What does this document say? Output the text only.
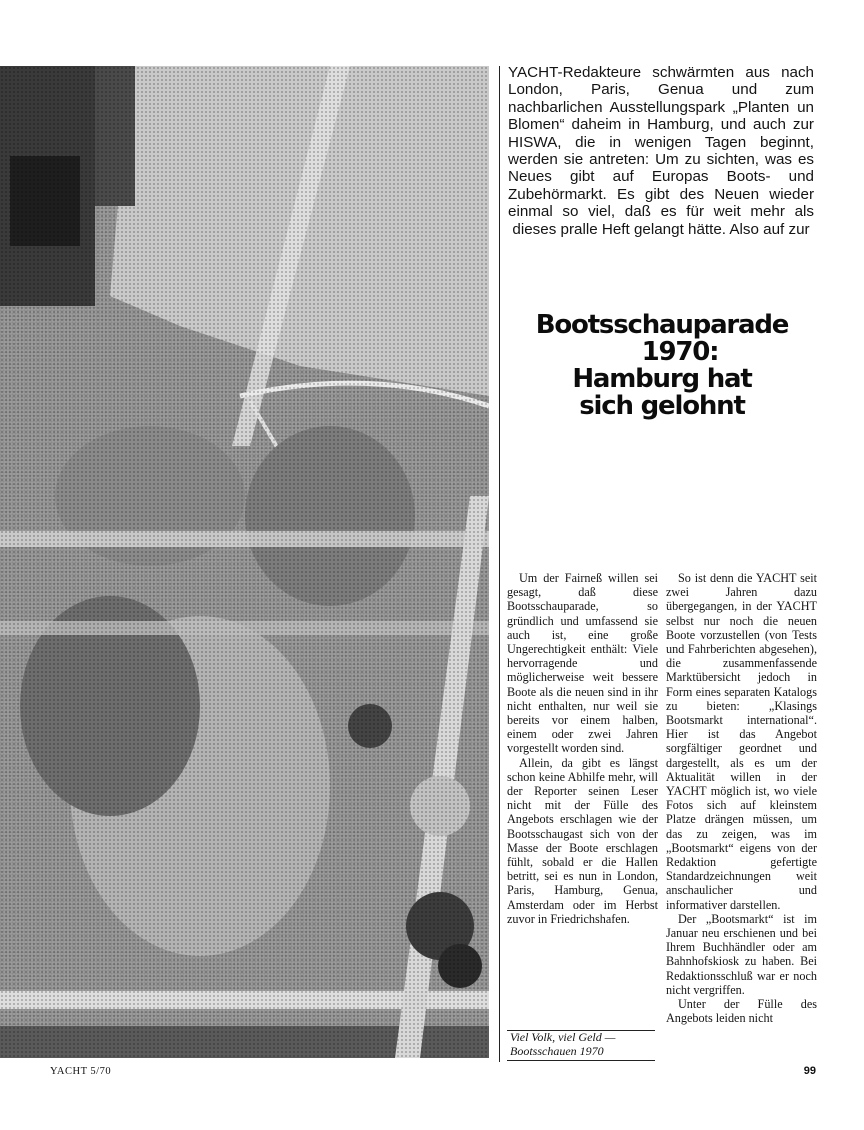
YACHT-Redakteure schwärmten aus nach London, Paris, Genua und zum nachbarlichen Ausstellungspark „Planten un Blomen“ daheim in Hamburg, und auch zur HISWA, die in wenigen Tagen beginnt, werden sie antreten: Um zu sichten, was es Neues gibt auf Europas Boots- und Zubehörmarkt. Es gibt des Neuen wieder einmal so viel, daß es für weit mehr als dieses pralle Heft gelangt hätte. Also auf zur

Bootsschauparade
1970:
Hamburg hat
sich gelohnt

Um der Fairneß willen sei gesagt, daß diese Bootsschauparade, so gründlich und umfassend sie auch ist, eine große Ungerechtigkeit enthält: Viele hervorragende und möglicherweise weit bessere Boote als die neuen sind in ihr nicht enthalten, nur weil sie bereits vor einem halben, einem oder zwei Jahren vorgestellt worden sind.

Allein, da gibt es längst schon keine Abhilfe mehr, will der Reporter seinen Leser nicht mit der Fülle des Angebots erschlagen wie der Bootsschaugast sich von der Masse der Boote erschlagen fühlt, sobald er die Hallen betritt, sei es nun in London, Paris, Hamburg, Genua, Amsterdam oder im Herbst zuvor in Friedrichshafen.

So ist denn die YACHT seit zwei Jahren dazu übergegangen, in der YACHT selbst nur noch die neuen Boote vorzustellen (von Tests und Fahrberichten abgesehen), die zusammenfassende Marktübersicht jedoch in Form eines separaten Katalogs zu bieten: „Klasings Bootsmarkt international“. Hier ist das Angebot sorgfältiger geordnet und dargestellt, als es um der Aktualität willen in der YACHT möglich ist, wo viele Fotos sich auf kleinstem Platze drängen müssen, um das zu zeigen, was im „Bootsmarkt“ eigens von der Redaktion gefertigte Standardzeichnungen weit anschaulicher und informativer darstellen.

Der „Bootsmarkt“ ist im Januar neu erschienen und bei Ihrem Buchhändler oder am Bahnhofskiosk zu haben. Bei Redaktionsschluß war er noch nicht vergriffen.

Unter der Fülle des Angebots leiden nicht

Viel Volk, viel Geld —
Bootsschauen 1970

YACHT 5/70	99
